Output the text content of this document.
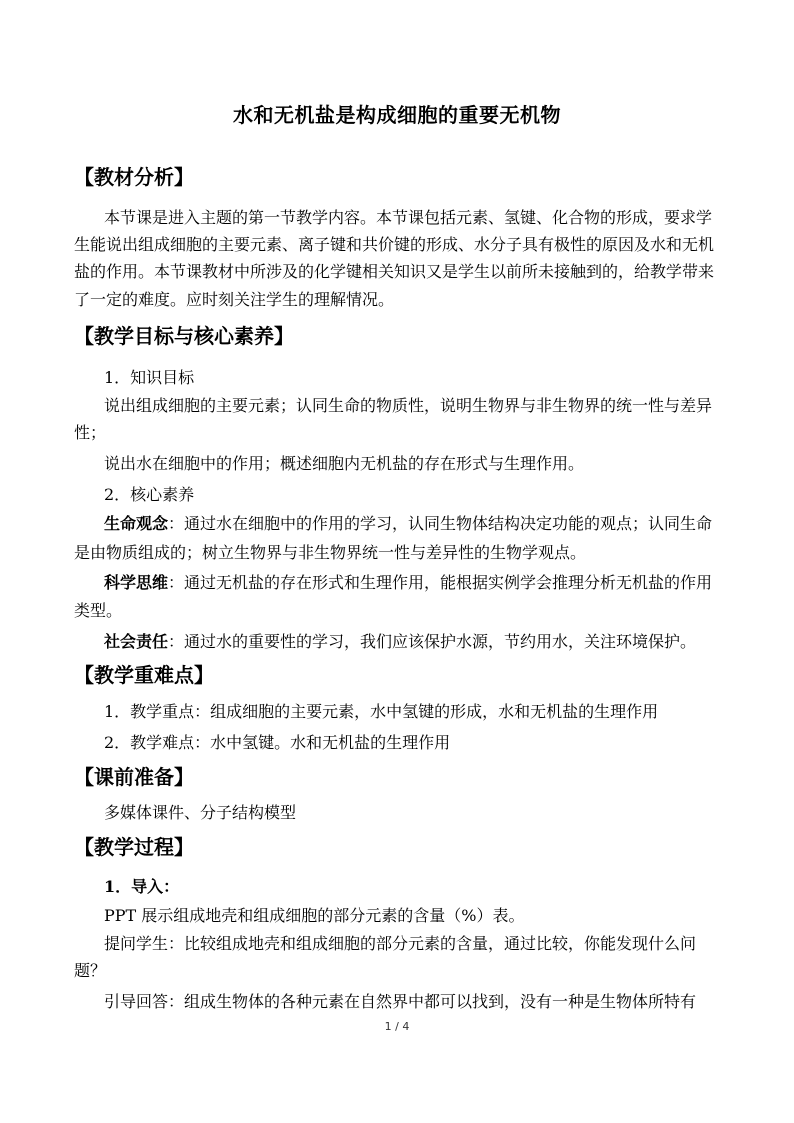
水和无机盐是构成细胞的重要无机物
【教材分析】
本节课是进入主题的第一节教学内容。本节课包括元素、氢键、化合物的形成，要求学
生能说出组成细胞的主要元素、离子键和共价键的形成、水分子具有极性的原因及水和无机
盐的作用。本节课教材中所涉及的化学键相关知识又是学生以前所未接触到的，给教学带来
了一定的难度。应时刻关注学生的理解情况。
【教学目标与核心素养】
1．知识目标
说出组成细胞的主要元素；认同生命的物质性，说明生物界与非生物界的统一性与差异
性；
说出水在细胞中的作用；概述细胞内无机盐的存在形式与生理作用。
2．核心素养
生命观念：通过水在细胞中的作用的学习，认同生物体结构决定功能的观点；认同生命
是由物质组成的；树立生物界与非生物界统一性与差异性的生物学观点。
科学思维：通过无机盐的存在形式和生理作用，能根据实例学会推理分析无机盐的作用
类型。
社会责任：通过水的重要性的学习，我们应该保护水源，节约用水，关注环境保护。
【教学重难点】
1．教学重点：组成细胞的主要元素，水中氢键的形成，水和无机盐的生理作用
2．教学难点：水中氢键。水和无机盐的生理作用
【课前准备】
多媒体课件、分子结构模型
【教学过程】
1．导入：
PPT 展示组成地壳和组成细胞的部分元素的含量（%）表。
提问学生：比较组成地壳和组成细胞的部分元素的含量，通过比较，你能发现什么问
题？
引导回答：组成生物体的各种元素在自然界中都可以找到，没有一种是生物体所特有
1 / 4
